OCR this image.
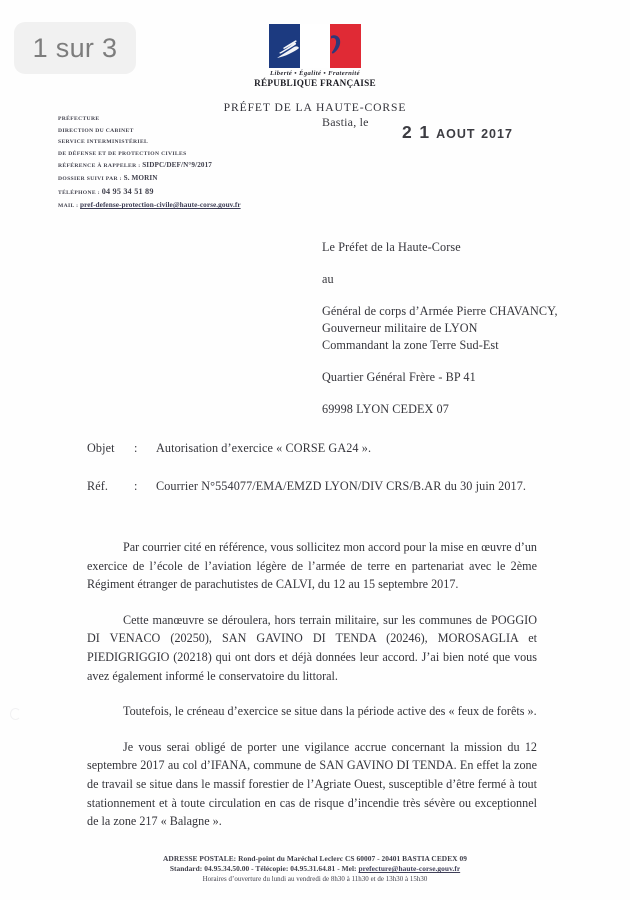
Liberté • Égalité • Fraternité
RÉPUBLIQUE FRANÇAISE
PRÉFET DE LA HAUTE-CORSE
PRÉFECTURE
DIRECTION DU CABINET
SERVICE INTERMINISTÉRIEL
DE DÉFENSE ET DE PROTECTION CIVILES
RÉFÉRENCE À RAPPELER : SIDPC/DEF/N°9/2017
DOSSIER SUIVI PAR : S. MORIN
TÉLÉPHONE : 04 95 34 51 89
MAIL : pref-defense-protection-civile@haute-corse.gouv.fr
Bastia, le 2 1 AOUT 2017
Le Préfet de la Haute-Corse
au
Général de corps d’Armée Pierre CHAVANCY,
Gouverneur militaire de LYON
Commandant la zone Terre Sud-Est
Quartier Général Frère - BP 41
69998 LYON CEDEX 07
Objet	:	Autorisation d’exercice « CORSE GA24 ».
Réf.	:	Courrier N°554077/EMA/EMZD LYON/DIV CRS/B.AR du 30 juin 2017.

Par courrier cité en référence, vous sollicitez mon accord pour la mise en œuvre d’un exercice de l’école de l’aviation légère de l’armée de terre en partenariat avec le 2ème Régiment étranger de parachutistes de CALVI, du 12 au 15 septembre 2017.

Cette manœuvre se déroulera, hors terrain militaire, sur les communes de POGGIO DI VENACO (20250), SAN GAVINO DI TENDA (20246), MOROSAGLIA et PIEDIGRIGGIO (20218) qui ont dors et déjà données leur accord. J’ai bien noté que vous avez également informé le conservatoire du littoral.

Toutefois, le créneau d’exercice se situe dans la période active des « feux de forêts ».

Je vous serai obligé de porter une vigilance accrue concernant la mission du 12 septembre 2017 au col d’IFANA, commune de SAN GAVINO DI TENDA. En effet la zone de travail se situe dans le massif forestier de l’Agriate Ouest, susceptible d’être fermé à tout stationnement et à toute circulation en cas de risque d’incendie très sévère ou exceptionnel de la zone 217 « Balagne ».

ADRESSE POSTALE: Rond-point du Maréchal Leclerc CS 60007 - 20401 BASTIA CEDEX 09
Standard: 04.95.34.50.00 - Télécopie: 04.95.31.64.81 - Mel: prefecture@haute-corse.gouv.fr
Horaires d’ouverture du lundi au vendredi de 8h30 à 11h30 et de 13h30 à 15h30
1 sur 3
